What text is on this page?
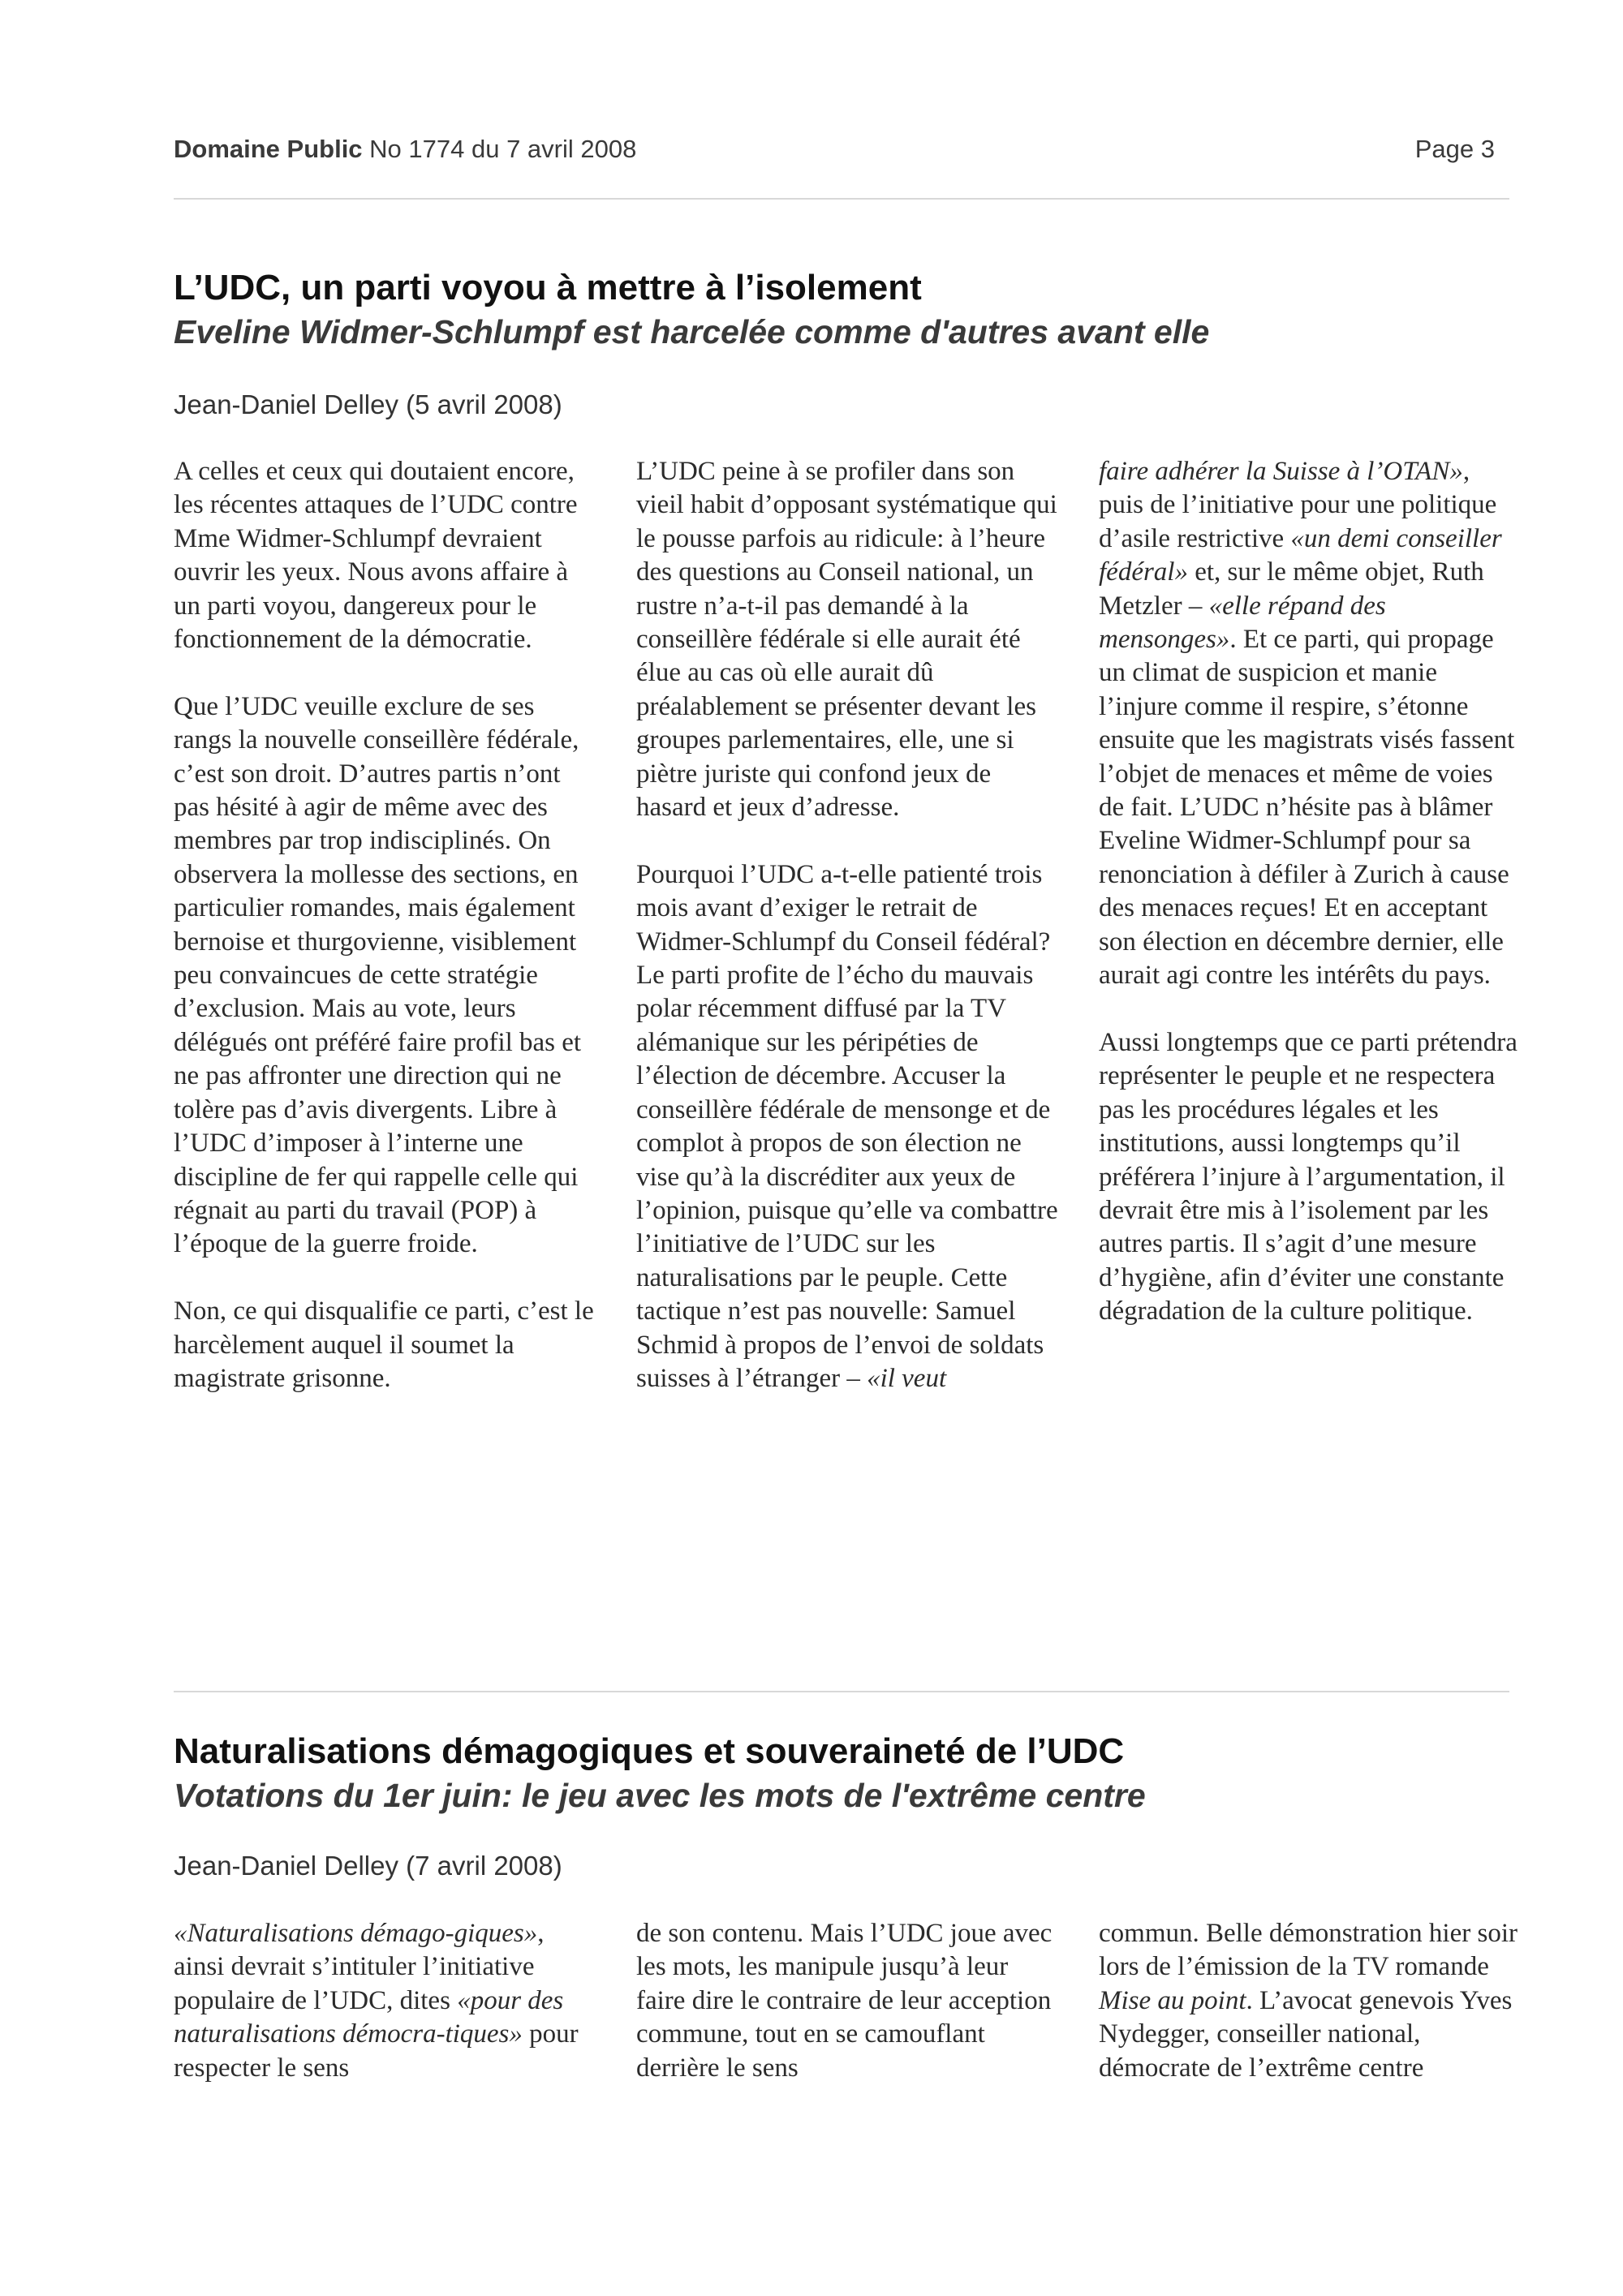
Domaine Public No 1774 du 7 avril 2008	Page 3
L’UDC, un parti voyou à mettre à l’isolement
Eveline Widmer-Schlumpf est harcelée comme d'autres avant elle

Jean-Daniel Delley (5 avril 2008)

A celles et ceux qui doutaient encore, les récentes attaques de l’UDC contre Mme Widmer-Schlumpf devraient ouvrir les yeux. Nous avons affaire à un parti voyou, dangereux pour le fonctionnement de la démocratie.

Que l’UDC veuille exclure de ses rangs la nouvelle conseillère fédérale, c’est son droit. D’autres partis n’ont pas hésité à agir de même avec des membres par trop indisciplinés. On observera la mollesse des sections, en particulier romandes, mais également bernoise et thurgovienne, visiblement peu convaincues de cette stratégie d’exclusion. Mais au vote, leurs délégués ont préféré faire profil bas et ne pas affronter une direction qui ne tolère pas d’avis divergents. Libre à l’UDC d’imposer à l’interne une discipline de fer qui rappelle celle qui régnait au parti du travail (POP) à l’époque de la guerre froide.

Non, ce qui disqualifie ce parti, c’est le harcèlement auquel il soumet la magistrate grisonne.

L’UDC peine à se profiler dans son vieil habit d’opposant systématique qui le pousse parfois au ridicule: à l’heure des questions au Conseil national, un rustre n’a-t-il pas demandé à la conseillère fédérale si elle aurait été élue au cas où elle aurait dû préalablement se présenter devant les groupes parlementaires, elle, une si piètre juriste qui confond jeux de hasard et jeux d’adresse.

Pourquoi l’UDC a-t-elle patienté trois mois avant d’exiger le retrait de Widmer-Schlumpf du Conseil fédéral? Le parti profite de l’écho du mauvais polar récemment diffusé par la TV alémanique sur les péripéties de l’élection de décembre. Accuser la conseillère fédérale de mensonge et de complot à propos de son élection ne vise qu’à la discréditer aux yeux de l’opinion, puisque qu’elle va combattre l’initiative de l’UDC sur les naturalisations par le peuple. Cette tactique n’est pas nouvelle: Samuel Schmid à propos de l’envoi de soldats suisses à l’étranger – «il veut

faire adhérer la Suisse à l’OTAN», puis de l’initiative pour une politique d’asile restrictive «un demi conseiller fédéral» et, sur le même objet, Ruth Metzler – «elle répand des mensonges». Et ce parti, qui propage un climat de suspicion et manie l’injure comme il respire, s’étonne ensuite que les magistrats visés fassent l’objet de menaces et même de voies de fait. L’UDC n’hésite pas à blâmer Eveline Widmer-Schlumpf pour sa renonciation à défiler à Zurich à cause des menaces reçues! Et en acceptant son élection en décembre dernier, elle aurait agi contre les intérêts du pays.

Aussi longtemps que ce parti prétendra représenter le peuple et ne respectera pas les procédures légales et les institutions, aussi longtemps qu’il préférera l’injure à l’argumentation, il devrait être mis à l’isolement par les autres partis. Il s’agit d’une mesure d’hygiène, afin d’éviter une constante dégradation de la culture politique.

Naturalisations démagogiques et souveraineté de l’UDC
Votations du 1er juin: le jeu avec les mots de l'extrême centre

Jean-Daniel Delley (7 avril 2008)

«Naturalisations démago-giques», ainsi devrait s’intituler l’initiative populaire de l’UDC, dites «pour des naturalisations démocra-tiques» pour respecter le sens

de son contenu. Mais l’UDC joue avec les mots, les manipule jusqu’à leur faire dire le contraire de leur acception commune, tout en se camouflant derrière le sens

commun. Belle démonstration hier soir lors de l’émission de la TV romande Mise au point. L’avocat genevois Yves Nydegger, conseiller national, démocrate de l’extrême centre
